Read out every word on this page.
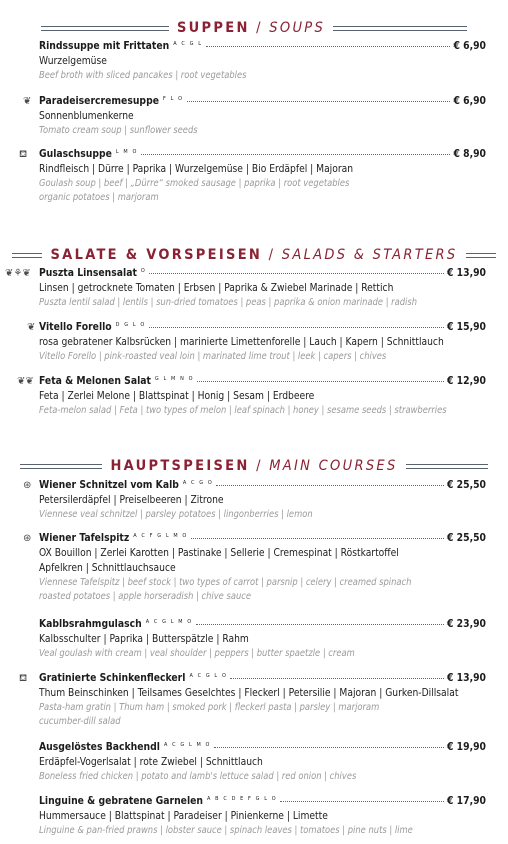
SUPPEN / SOUPS
Rindssuppe mit Frittaten A C G L	€ 6,90
Wurzelgemüse
Beef broth with sliced pancakes | root vegetables
❦ Paradeisercremesuppe F L O	€ 6,90
Sonnenblumenkerne
Tomato cream soup | sunflower seeds
⛾ Gulaschsuppe L M O	€ 8,90
Rindfleisch | Dürre | Paprika | Wurzelgemüse | Bio Erdäpfel | Majoran
Goulash soup | beef | „Dürre“ smoked sausage | paprika | root vegetables
organic potatoes | marjoram
SALATE & VORSPEISEN / SALADS & STARTERS
❦⚘❦ Puszta Linsensalat O	€ 13,90
Linsen | getrocknete Tomaten | Erbsen | Paprika & Zwiebel Marinade | Rettich
Puszta lentil salad | lentils | sun-dried tomatoes | peas | paprika & onion marinade | radish
❦ Vitello Forello D G L O	€ 15,90
rosa gebratener Kalbsrücken | marinierte Limettenforelle | Lauch | Kapern | Schnittlauch
Vitello Forello | pink-roasted veal loin | marinated lime trout | leek | capers | chives
❦❦ Feta & Melonen Salat G L M N O	€ 12,90
Feta | Zerlei Melone | Blattspinat | Honig | Sesam | Erdbeere
Feta-melon salad | Feta | two types of melon | leaf spinach | honey | sesame seeds | strawberries
HAUPTSPEISEN / MAIN COURSES
⊛ Wiener Schnitzel vom Kalb A C G O	€ 25,50
Petersilerdäpfel | Preiselbeeren | Zitrone
Viennese veal schnitzel | parsley potatoes | lingonberries | lemon
⊛ Wiener Tafelspitz A C F G L M O	€ 25,50
OX Bouillon | Zerlei Karotten | Pastinake | Sellerie | Cremespinat | Röstkartoffel
Apfelkren | Schnittlauchsauce
Viennese Tafelspitz | beef stock | two types of carrot | parsnip | celery | creamed spinach
roasted potatoes | apple horseradish | chive sauce
Kablbsrahmgulasch A C G L M O	€ 23,90
Kalbsschulter | Paprika | Butterspätzle | Rahm
Veal goulash with cream | veal shoulder | peppers | butter spaetzle | cream
⛾ Gratinierte Schinkenfleckerl A C G L O	€ 13,90
Thum Beinschinken | Teilsames Geselchtes | Fleckerl | Petersilie | Majoran | Gurken-Dillsalat
Pasta-ham gratin | Thum ham | smoked pork | fleckerl pasta | parsley | marjoram
cucumber-dill salad
Ausgelöstes Backhendl A C G L M O	€ 19,90
Erdäpfel-Vogerlsalat | rote Zwiebel | Schnittlauch
Boneless fried chicken | potato and lamb's lettuce salad | red onion | chives
Linguine & gebratene Garnelen A B C D E F G L O	€ 17,90
Hummersauce | Blattspinat | Paradeiser | Pinienkerne | Limette
Linguine & pan-fried prawns | lobster sauce | spinach leaves | tomatoes | pine nuts | lime
